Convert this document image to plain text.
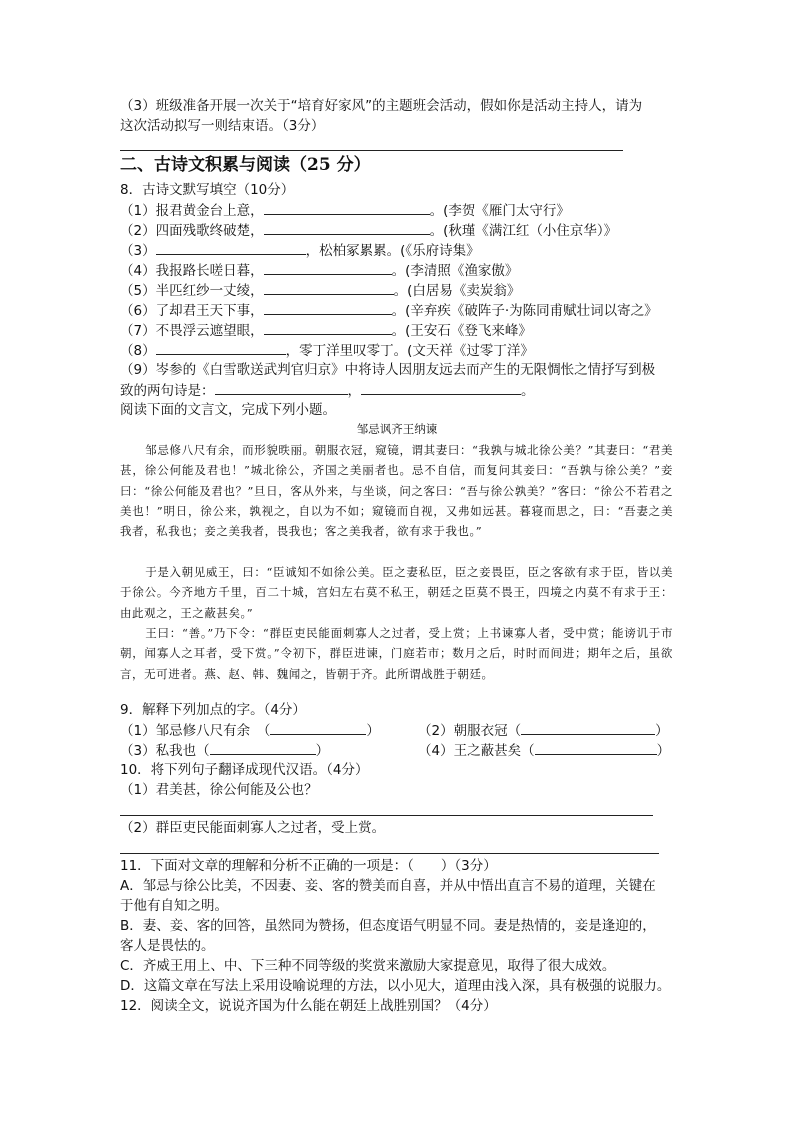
（3）班级准备开展一次关于“培育好家风”的主题班会活动，假如你是活动主持人，请为
这次活动拟写一则结束语。（3分）
二、古诗文积累与阅读（25 分）
8．古诗文默写填空（10分）
（1）报君黄金台上意，	。(李贺《雁门太守行》
（2）四面残歌终破楚，	。(秋瑾《满江红（小住京华）》
（3）	，松柏冢累累。(《乐府诗集》
（4）我报路长嗟日暮，	。(李清照《渔家傲》
（5）半匹红纱一丈绫，	。(白居易《卖炭翁》
（6）了却君王天下事，	。(辛弃疾《破阵子·为陈同甫赋壮词以寄之》
（7）不畏浮云遮望眼，	。(王安石《登飞来峰》
（8）	，零丁洋里叹零丁。(文天祥《过零丁洋》
（9）岑参的《白雪歌送武判官归京》中将诗人因朋友远去而产生的无限惆怅之情抒写到极
致的两句诗是：	，	。
阅读下面的文言文，完成下列小题。
邹忌讽齐王纳谏
邹忌修八尺有余，而形貌昳丽。朝服衣冠，窥镜，谓其妻曰：“我孰与城北徐公美？”其妻曰：“君美甚，徐公何能及君也！”城北徐公，齐国之美丽者也。忌不自信，而复问其妾曰：“吾孰与徐公美？”妾曰：“徐公何能及君也？”旦日，客从外来，与坐谈，问之客曰：“吾与徐公孰美？”客曰：“徐公不若君之美也！”明日，徐公来，孰视之，自以为不如；窥镜而自视，又弗如远甚。暮寝而思之，曰：“吾妻之美我者，私我也；妾之美我者，畏我也；客之美我者，欲有求于我也。”
于是入朝见威王，曰：“臣诚知不如徐公美。臣之妻私臣，臣之妾畏臣，臣之客欲有求于臣，皆以美于徐公。今齐地方千里，百二十城，宫妇左右莫不私王，朝廷之臣莫不畏王，四境之内莫不有求于王：由此观之，王之蔽甚矣。”
王曰：“善。”乃下令：“群臣吏民能面刺寡人之过者，受上赏；上书谏寡人者，受中赏；能谤讥于市朝，闻寡人之耳者，受下赏。”令初下，群臣进谏，门庭若市；数月之后，时时而间进；期年之后，虽欲言，无可进者。燕、赵、韩、魏闻之，皆朝于齐。此所谓战胜于朝廷。
9．解释下列加点的字。（4分）
（1）邹忌修八尺有余　（	）	（2）朝服衣冠（	）
（3）私我也（	）	（4）王之蔽甚矣（	）
10．将下列句子翻译成现代汉语。（4分）
（1）君美甚，徐公何能及公也？
（2）群臣吏民能面刺寡人之过者，受上赏。
11．下面对文章的理解和分析不正确的一项是：（　　）（3分）
A．邹忌与徐公比美，不因妻、妾、客的赞美而自喜，并从中悟出直言不易的道理，关键在
于他有自知之明。
B．妻、妾、客的回答，虽然同为赞扬，但态度语气明显不同。妻是热情的，妾是逢迎的，
客人是畏怯的。
C．齐威王用上、中、下三种不同等级的奖赏来激励大家提意见，取得了很大成效。
D．这篇文章在写法上采用设喻说理的方法，以小见大，道理由浅入深，具有极强的说服力。
12．阅读全文，说说齐国为什么能在朝廷上战胜别国？（4分）
